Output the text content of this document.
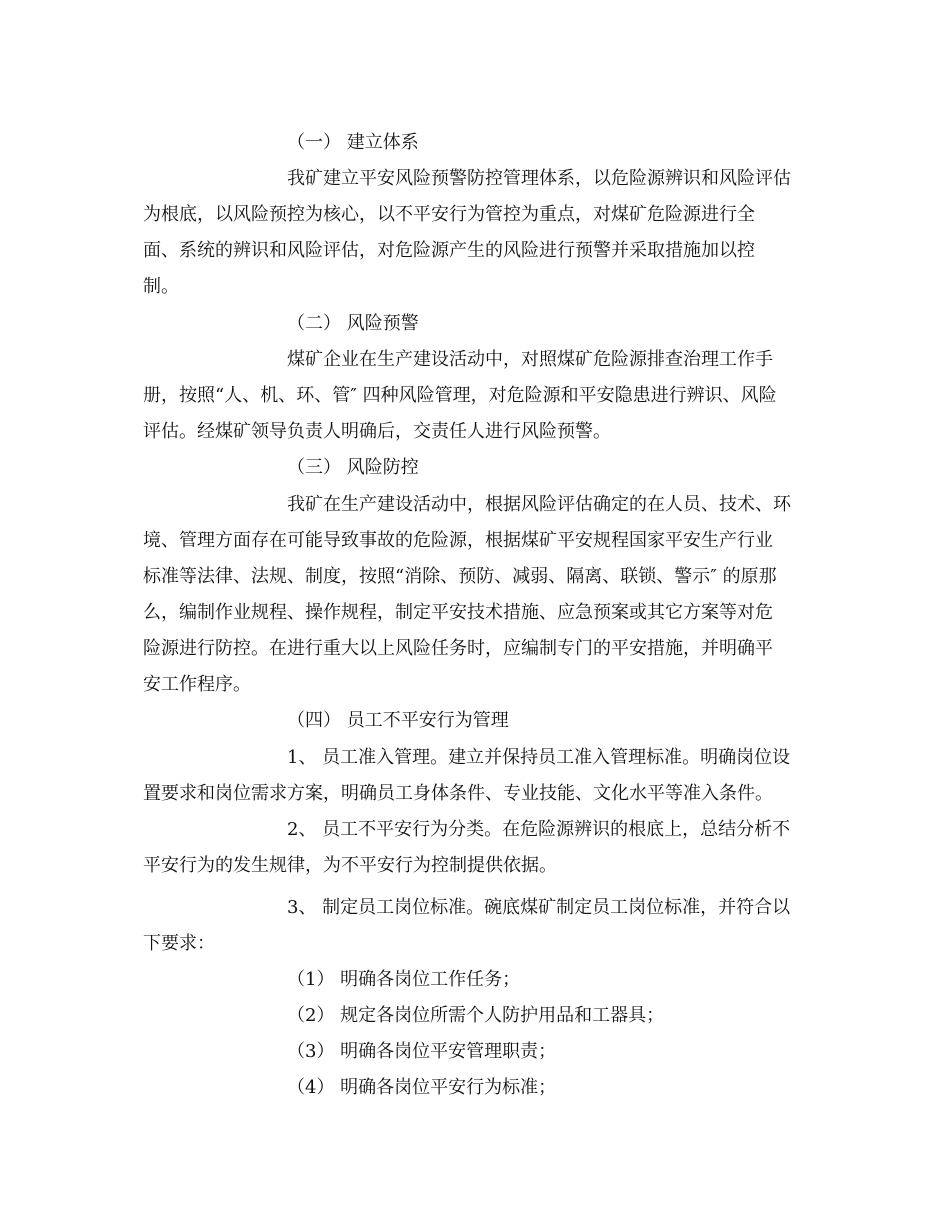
（一） 建立体系
我矿建立平安风险预警防控管理体系，以危险源辨识和风险评估
为根底，以风险预控为核心，以不平安行为管控为重点，对煤矿危险源进行全
面、系统的辨识和风险评估，对危险源产生的风险进行预警并采取措施加以控
制。
（二） 风险预警
煤矿企业在生产建设活动中，对照煤矿危险源排查治理工作手
册，按照“人、机、环、管″ 四种风险管理，对危险源和平安隐患进行辨识、风险
评估。经煤矿领导负责人明确后，交责任人进行风险预警。
（三） 风险防控
我矿在生产建设活动中，根据风险评估确定的在人员、技术、环
境、管理方面存在可能导致事故的危险源，根据煤矿平安规程国家平安生产行业
标准等法律、法规、制度，按照“消除、预防、减弱、隔离、联锁、警示″ 的原那
么，编制作业规程、操作规程，制定平安技术措施、应急预案或其它方案等对危
险源进行防控。在进行重大以上风险任务时，应编制专门的平安措施，并明确平
安工作程序。
（四） 员工不平安行为管理
1、 员工准入管理。建立并保持员工准入管理标准。明确岗位设
置要求和岗位需求方案，明确员工身体条件、专业技能、文化水平等准入条件。
2、 员工不平安行为分类。在危险源辨识的根底上，总结分析不
平安行为的发生规律，为不平安行为控制提供依据。
3、 制定员工岗位标准。碗底煤矿制定员工岗位标准，并符合以
下要求：
（1） 明确各岗位工作任务；
（2） 规定各岗位所需个人防护用品和工器具；
（3） 明确各岗位平安管理职责；
（4） 明确各岗位平安行为标准；
